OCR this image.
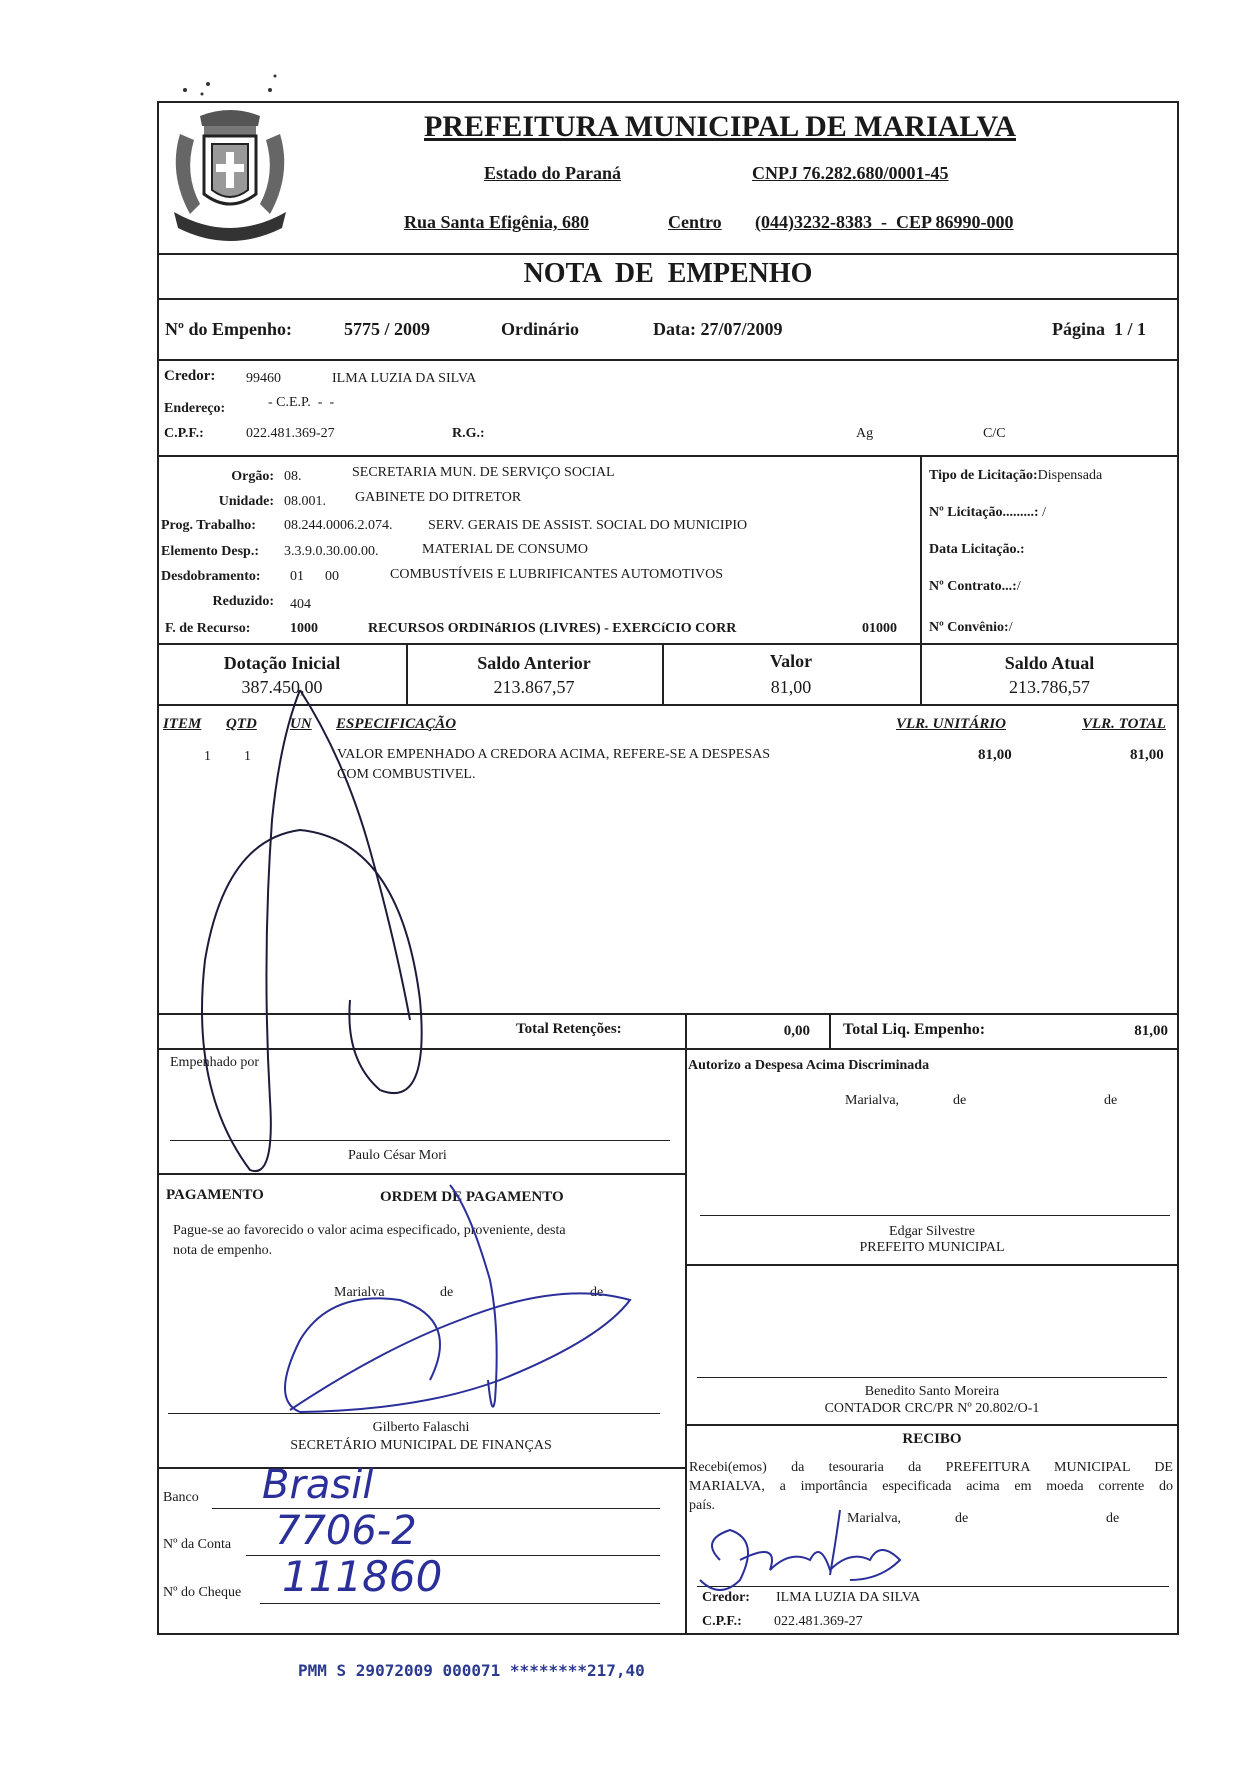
PREFEITURA MUNICIPAL DE MARIALVA
Estado do Paraná	CNPJ 76.282.680/0001-45
Rua Santa Efigênia, 680	Centro (044)3232-8383  -  CEP 86990-000
NOTA  DE  EMPENHO
Nº do Empenho:	5775 / 2009	Ordinário	Data: 27/07/2009	Página  1 / 1
Credor: 99460	ILMA LUZIA DA SILVA
Endereço:	- C.E.P.  -  -
C.P.F.:	022.481.369-27	R.G.:	Ag	C/C
Orgão: 08.	SECRETARIA MUN. DE SERVIÇO SOCIAL
Unidade: 08.001. GABINETE DO DITRETOR
Prog. Trabalho: 08.244.0006.2.074.	SERV. GERAIS DE ASSIST. SOCIAL DO MUNICIPIO
Elemento Desp.: 3.3.9.0.30.00.00.	MATERIAL DE CONSUMO
Desdobramento: 01      00	COMBUSTÍVEIS E LUBRIFICANTES AUTOMOTIVOS
Reduzido: 404
F. de Recurso:	1000	RECURSOS ORDINáRIOS (LIVRES) - EXERCíCIO CORR	01000
Tipo de Licitação:Dispensada
Nº Licitação.........: /
Data Licitação.:
Nº Contrato...:/
Nº Convênio:/
Dotação Inicial
387.450,00
Saldo Anterior
213.867,57
Valor
81,00
Saldo Atual
213.786,57
ITEM QTD UN ESPECIFICAÇÃO	VLR. UNITÁRIO	VLR. TOTAL
1 1	VALOR EMPENHADO A CREDORA ACIMA, REFERE-SE A DESPESAS
COM COMBUSTIVEL.
81,00	81,00
Total Retenções:	0,00 Total Liq. Empenho:	81,00
Empenhado por
Paulo César Mori
Autorizo a Despesa Acima Discriminada
Marialva,	de	de
Edgar Silvestre
PREFEITO MUNICIPAL
Benedito Santo Moreira
CONTADOR CRC/PR Nº 20.802/O-1
PAGAMENTO	ORDEM DE PAGAMENTO
Pague-se ao favorecido o valor acima especificado, proveniente, desta
nota de empenho.
Marialva	de	de
Gilberto Falaschi
SECRETÁRIO MUNICIPAL DE FINANÇAS
Banco Brasil
Nº da Conta 7706-2
Nº do Cheque 111860
RECIBO
Recebi(emos) da tesouraria da PREFEITURA MUNICIPAL DE
MARIALVA, a importância especificada acima em moeda corrente do
país.
Marialva,	de	de
Credor: ILMA LUZIA DA SILVA
C.P.F.: 022.481.369-27
PMM S 29072009 000071 ********217,40
